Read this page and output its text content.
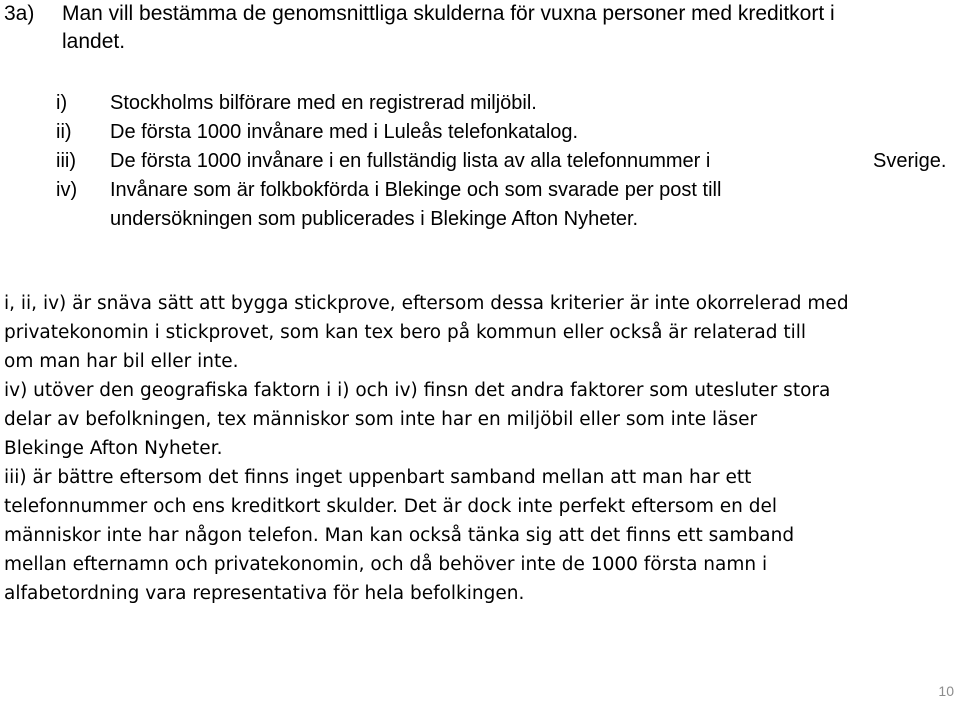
3a) Man vill bestämma de genomsnittliga skulderna för vuxna personer med kreditkort i
landet.
i) Stockholms bilförare med en registrerad miljöbil.
ii) De första 1000 invånare med i Luleås telefonkatalog.
iii) De första 1000 invånare i en fullständig lista av alla telefonnummer i	Sverige.
iv) Invånare som är folkbokförda i Blekinge och som svarade per post till
undersökningen som publicerades i Blekinge Afton Nyheter.
i, ii, iv) är snäva sätt att bygga stickprove, eftersom dessa kriterier är inte okorrelerad med
privatekonomin i stickprovet, som kan tex bero på kommun eller också är relaterad till
om man har bil eller inte.
iv) utöver den geografiska faktorn i i) och iv) finsn det andra faktorer som utesluter stora
delar av befolkningen, tex människor som inte har en miljöbil eller som inte läser
Blekinge Afton Nyheter.
iii) är bättre eftersom det finns inget uppenbart samband mellan att man har ett
telefonnummer och ens kreditkort skulder. Det är dock inte perfekt eftersom en del
människor inte har någon telefon. Man kan också tänka sig att det finns ett samband
mellan efternamn och privatekonomin, och då behöver inte de 1000 första namn i
alfabetordning vara representativa för hela befolkingen.
10
